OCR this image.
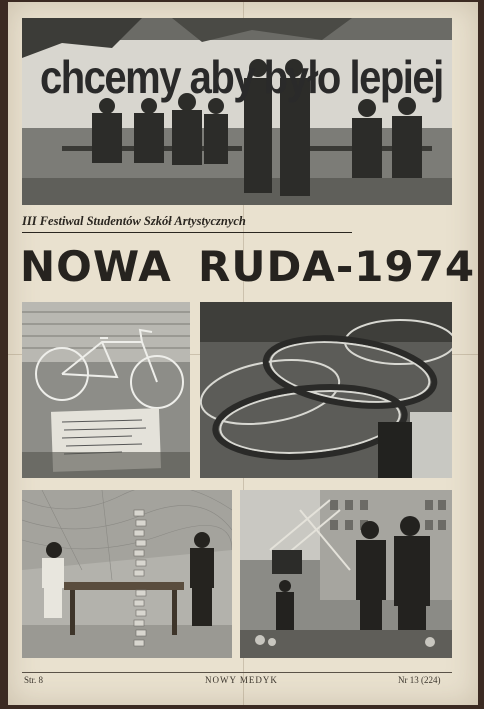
chcemy aby było lepiej
III Festiwal Studentów Szkół Artystycznych
NOWA RUDA-1974
Str. 8	NOWY MEDYK	Nr 13 (224)
